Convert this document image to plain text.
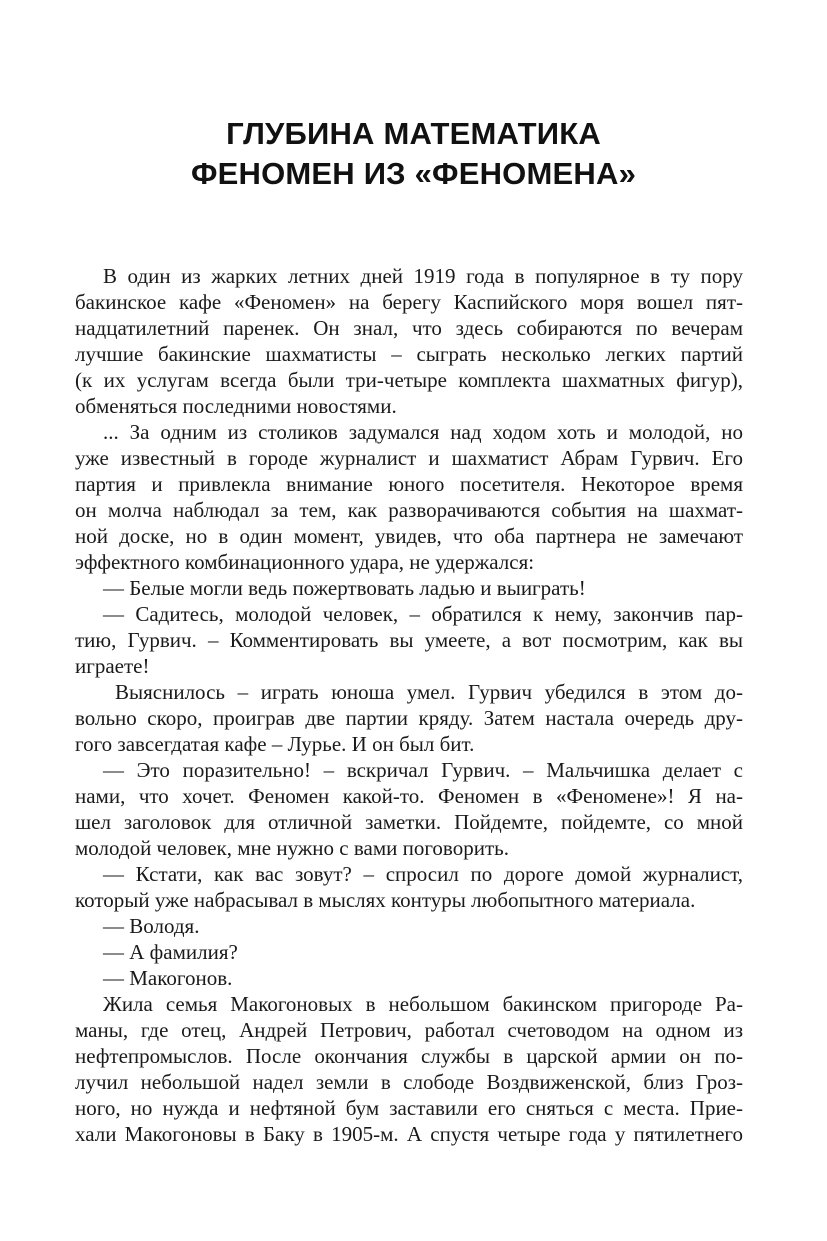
ГЛУБИНА МАТЕМАТИКА
ФЕНОМЕН ИЗ «ФЕНОМЕНА»
В один из жарких летних дней 1919 года в популярное в ту пору
бакинское кафе «Феномен» на берегу Каспийского моря вошел пят-
надцатилетний паренек. Он знал, что здесь собираются по вечерам
лучшие бакинские шахматисты – сыграть несколько легких партий
(к их услугам всегда были три-четыре комплекта шахматных фигур),
обменяться последними новостями.
... За одним из столиков задумался над ходом хоть и молодой, но
уже известный в городе журналист и шахматист Абрам Гурвич. Его
партия и привлекла внимание юного посетителя. Некоторое время
он молча наблюдал за тем, как разворачиваются события на шахмат-
ной доске, но в один момент, увидев, что оба партнера не замечают
эффектного комбинационного удара, не удержался:
— Белые могли ведь пожертвовать ладью и выиграть!
— Садитесь, молодой человек, – обратился к нему, закончив пар-
тию, Гурвич. – Комментировать вы умеете, а вот посмотрим, как вы
играете!
Выяснилось – играть юноша умел. Гурвич убедился в этом до-
вольно скоро, проиграв две партии кряду. Затем настала очередь дру-
гого завсегдатая кафе – Лурье. И он был бит.
— Это поразительно! – вскричал Гурвич. – Мальчишка делает с
нами, что хочет. Феномен какой-то. Феномен в «Феномене»! Я на-
шел заголовок для отличной заметки. Пойдемте, пойдемте, со мной
молодой человек, мне нужно с вами поговорить.
— Кстати, как вас зовут? – спросил по дороге домой журналист,
который уже набрасывал в мыслях контуры любопытного материала.
— Володя.
— А фамилия?
— Макогонов.
Жила семья Макогоновых в небольшом бакинском пригороде Ра-
маны, где отец, Андрей Петрович, работал счетоводом на одном из
нефтепромыслов. После окончания службы в царской армии он по-
лучил небольшой надел земли в слободе Воздвиженской, близ Гроз-
ного, но нужда и нефтяной бум заставили его сняться с места. Прие-
хали Макогоновы в Баку в 1905-м. А спустя четыре года у пятилетнего
